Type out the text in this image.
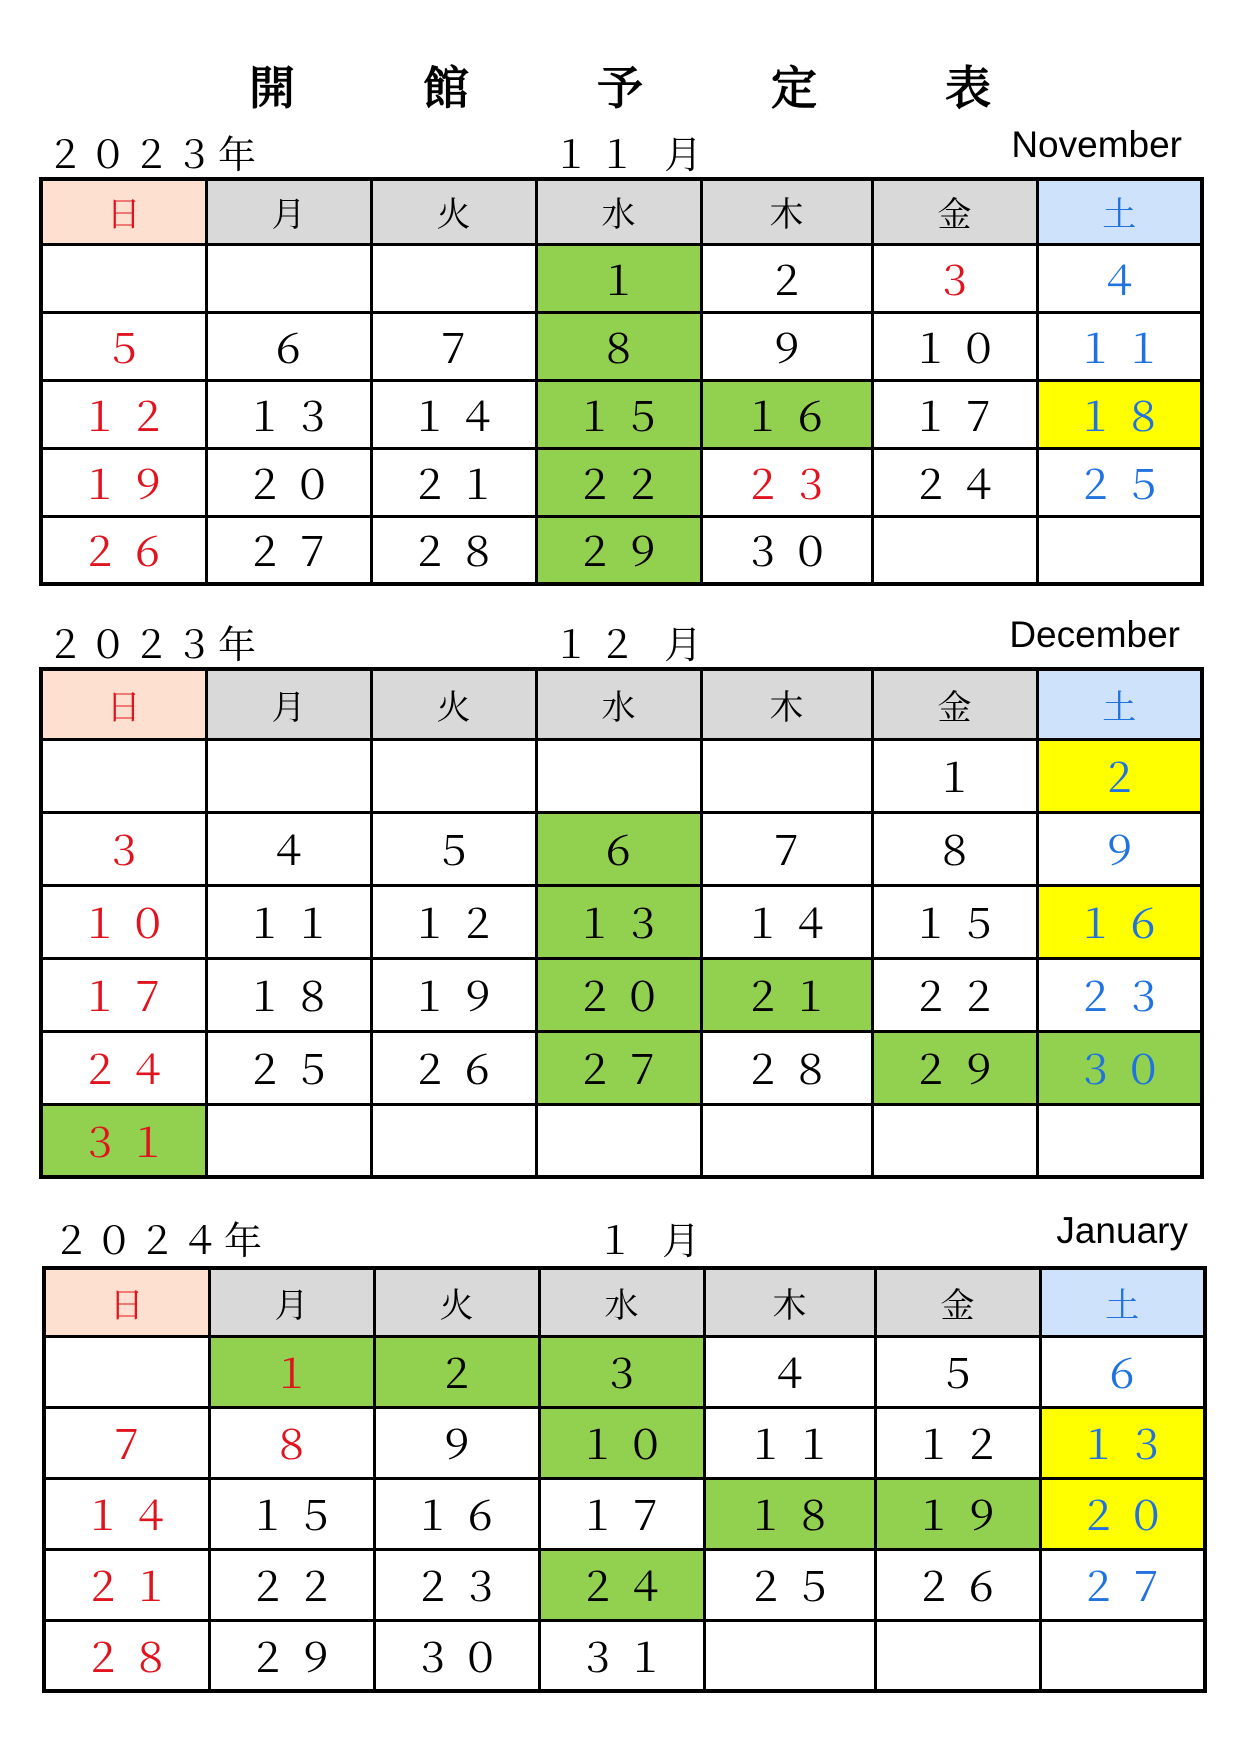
開 館 予 定 表
２０２３年	１１ 月	November
日	月	火	水	木	金	土
			１	２	３	４
５	６	７	８	９	１０	１１
１２	１３	１４	１５	１６	１７	１８
１９	２０	２１	２２	２３	２４	２５
２６	２７	２８	２９	３０		
２０２３年	１２ 月	December
日	月	火	水	木	金	土
					１	２
３	４	５	６	７	８	９
１０	１１	１２	１３	１４	１５	１６
１７	１８	１９	２０	２１	２２	２３
２４	２５	２６	２７	２８	２９	３０
３１						
２０２４年	１ 月	January
日	月	火	水	木	金	土
	１	２	３	４	５	６
７	８	９	１０	１１	１２	１３
１４	１５	１６	１７	１８	１９	２０
２１	２２	２３	２４	２５	２６	２７
２８	２９	３０	３１			
